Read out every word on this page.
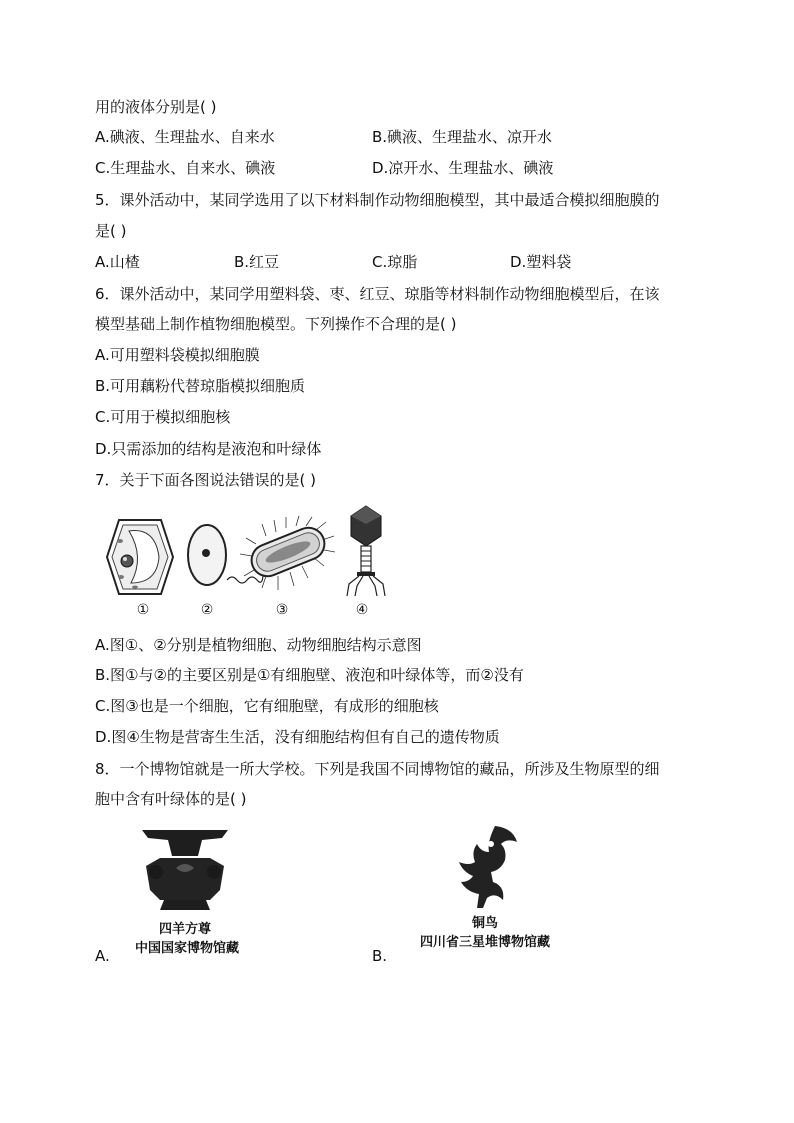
用的液体分别是( )
A.碘液、生理盐水、自来水	B.碘液、生理盐水、凉开水
C.生理盐水、自来水、碘液	D.凉开水、生理盐水、碘液
5．课外活动中，某同学选用了以下材料制作动物细胞模型，其中最适合模拟细胞膜的
是( )
A.山楂	B.红豆	C.琼脂	D.塑料袋
6．课外活动中，某同学用塑料袋、枣、红豆、琼脂等材料制作动物细胞模型后，在该
模型基础上制作植物细胞模型。下列操作不合理的是( )
A.可用塑料袋模拟细胞膜
B.可用藕粉代替琼脂模拟细胞质
C.可用于模拟细胞核
D.只需添加的结构是液泡和叶绿体
7．关于下面各图说法错误的是( )
①	②	③	④
A.图①、②分别是植物细胞、动物细胞结构示意图
B.图①与②的主要区别是①有细胞壁、液泡和叶绿体等，而②没有
C.图③也是一个细胞，它有细胞壁，有成形的细胞核
D.图④生物是营寄生生活，没有细胞结构但有自己的遗传物质
8．一个博物馆就是一所大学校。下列是我国不同博物馆的藏品，所涉及生物原型的细
胞中含有叶绿体的是( )
四羊方尊
中国国家博物馆藏
A.
铜鸟
四川省三星堆博物馆藏
B.
